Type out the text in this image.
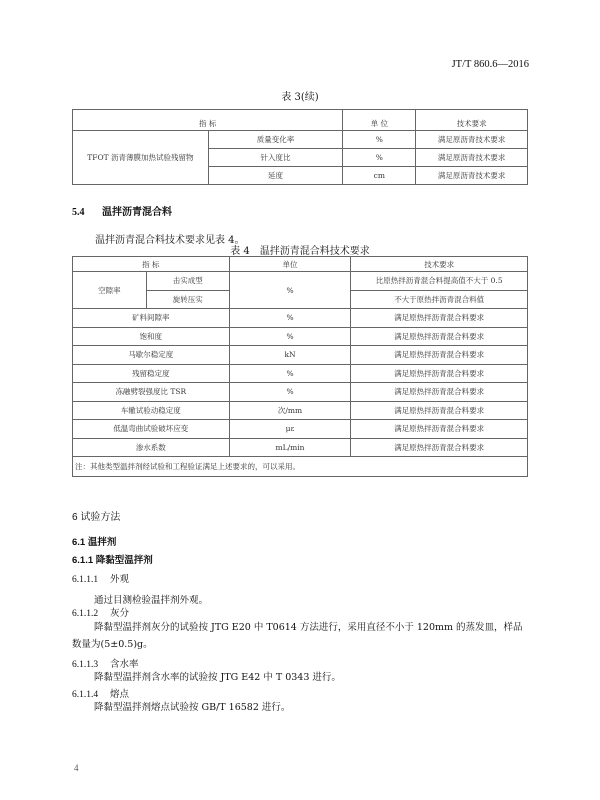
JT/T 860.6—2016
表 3(续)
指 标		单 位	技术要求
TFOT 沥青薄膜加热试验残留物	质量变化率	%	满足原沥青技术要求
	针入度比	%	满足原沥青技术要求
	延度	cm	满足原沥青技术要求
5.4 温拌沥青混合料
温拌沥青混合料技术要求见表 4。
表 4　温拌沥青混合料技术要求
指 标		单位	技术要求
空隙率	击实成型	%	比原热拌沥青混合料提高值不大于 0.5
	旋转压实		不大于原热拌沥青混合料值
矿料间隙率		%	满足原热拌沥青混合料要求
饱和度		%	满足原热拌沥青混合料要求
马歇尔稳定度		kN	满足原热拌沥青混合料要求
残留稳定度		%	满足原热拌沥青混合料要求
冻融劈裂强度比 TSR		%	满足原热拌沥青混合料要求
车辙试验动稳定度		次/mm	满足原热拌沥青混合料要求
低温弯曲试验破坏应变		με	满足原热拌沥青混合料要求
渗水系数		mL/min	满足原热拌沥青混合料要求
注：其他类型温拌剂经试验和工程验证满足上述要求的，可以采用。			
6 试验方法
6.1 温拌剂
6.1.1 降黏型温拌剂
6.1.1.1 外观
通过目测检验温拌剂外观。
6.1.1.2 灰分
降黏型温拌剂灰分的试验按 JTG E20 中 T0614 方法进行，采用直径不小于 120mm 的蒸发皿，样品数量为(5±0.5)g。
6.1.1.3 含水率
降黏型温拌剂含水率的试验按 JTG E42 中 T 0343 进行。
6.1.1.4 熔点
降黏型温拌剂熔点试验按 GB/T 16582 进行。
4
